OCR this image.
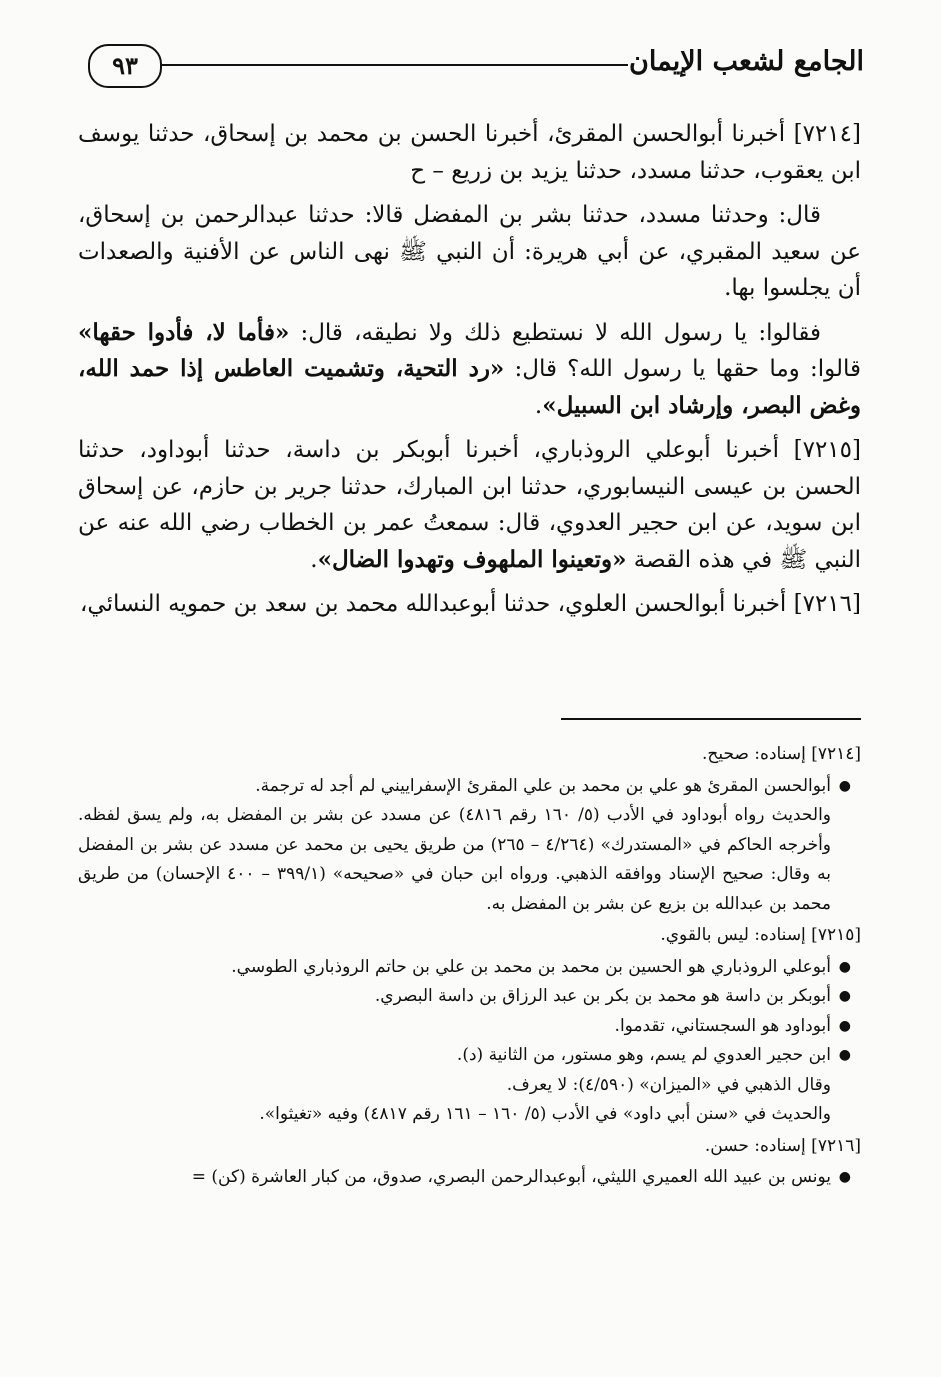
الجامع لشعب الإيمان
٩٣

[٧٢١٤] أخبرنا أبوالحسن المقرئ، أخبرنا الحسن بن محمد بن إسحاق، حدثنا يوسف ابن يعقوب، حدثنا مسدد، حدثنا يزيد بن زريع – ح

قال: وحدثنا مسدد، حدثنا بشر بن المفضل قالا: حدثنا عبدالرحمن بن إسحاق، عن سعيد المقبري، عن أبي هريرة: أن النبي ﷺ نهى الناس عن الأفنية والصعدات أن يجلسوا بها.

فقالوا: يا رسول الله لا نستطيع ذلك ولا نطيقه، قال: «فأما لا، فأدوا حقها» قالوا: وما حقها يا رسول الله؟ قال: «رد التحية، وتشميت العاطس إذا حمد الله، وغض البصر، وإرشاد ابن السبيل».

[٧٢١٥] أخبرنا أبوعلي الروذباري، أخبرنا أبوبكر بن داسة، حدثنا أبوداود، حدثنا الحسن بن عيسى النيسابوري، حدثنا ابن المبارك، حدثنا جرير بن حازم، عن إسحاق ابن سويد، عن ابن حجير العدوي، قال: سمعتُ عمر بن الخطاب رضي الله عنه عن النبي ﷺ في هذه القصة «وتعينوا الملهوف وتهدوا الضال».

[٧٢١٦] أخبرنا أبوالحسن العلوي، حدثنا أبوعبدالله محمد بن سعد بن حمويه النسائي،

[٧٢١٤] إسناده: صحيح.

● أبوالحسن المقرئ هو علي بن محمد بن علي المقرئ الإسفراييني لم أجد له ترجمة.

والحديث رواه أبوداود في الأدب (٥/ ١٦٠ رقم ٤٨١٦) عن مسدد عن بشر بن المفضل به، ولم يسق لفظه. وأخرجه الحاكم في «المستدرك» (٤/٢٦٤ – ٢٦٥) من طريق يحيى بن محمد عن مسدد عن بشر بن المفضل به وقال: صحيح الإسناد ووافقه الذهبي. ورواه ابن حبان في «صحيحه» (٣٩٩/١ – ٤٠٠ الإحسان) من طريق محمد بن عبدالله بن بزيع عن بشر بن المفضل به.

[٧٢١٥] إسناده: ليس بالقوي.

● أبوعلي الروذباري هو الحسين بن محمد بن محمد بن علي بن حاتم الروذباري الطوسي.

● أبوبكر بن داسة هو محمد بن بكر بن عبد الرزاق بن داسة البصري.

● أبوداود هو السجستاني، تقدموا.

● ابن حجير العدوي لم يسم، وهو مستور، من الثانية (د).

وقال الذهبي في «الميزان» (٤/٥٩٠): لا يعرف.

والحديث في «سنن أبي داود» في الأدب (٥/ ١٦٠ – ١٦١ رقم ٤٨١٧) وفيه «تغيثوا».

[٧٢١٦] إسناده: حسن.

● يونس بن عبيد الله العميري الليثي، أبوعبدالرحمن البصري، صدوق، من كبار العاشرة (كن) =
